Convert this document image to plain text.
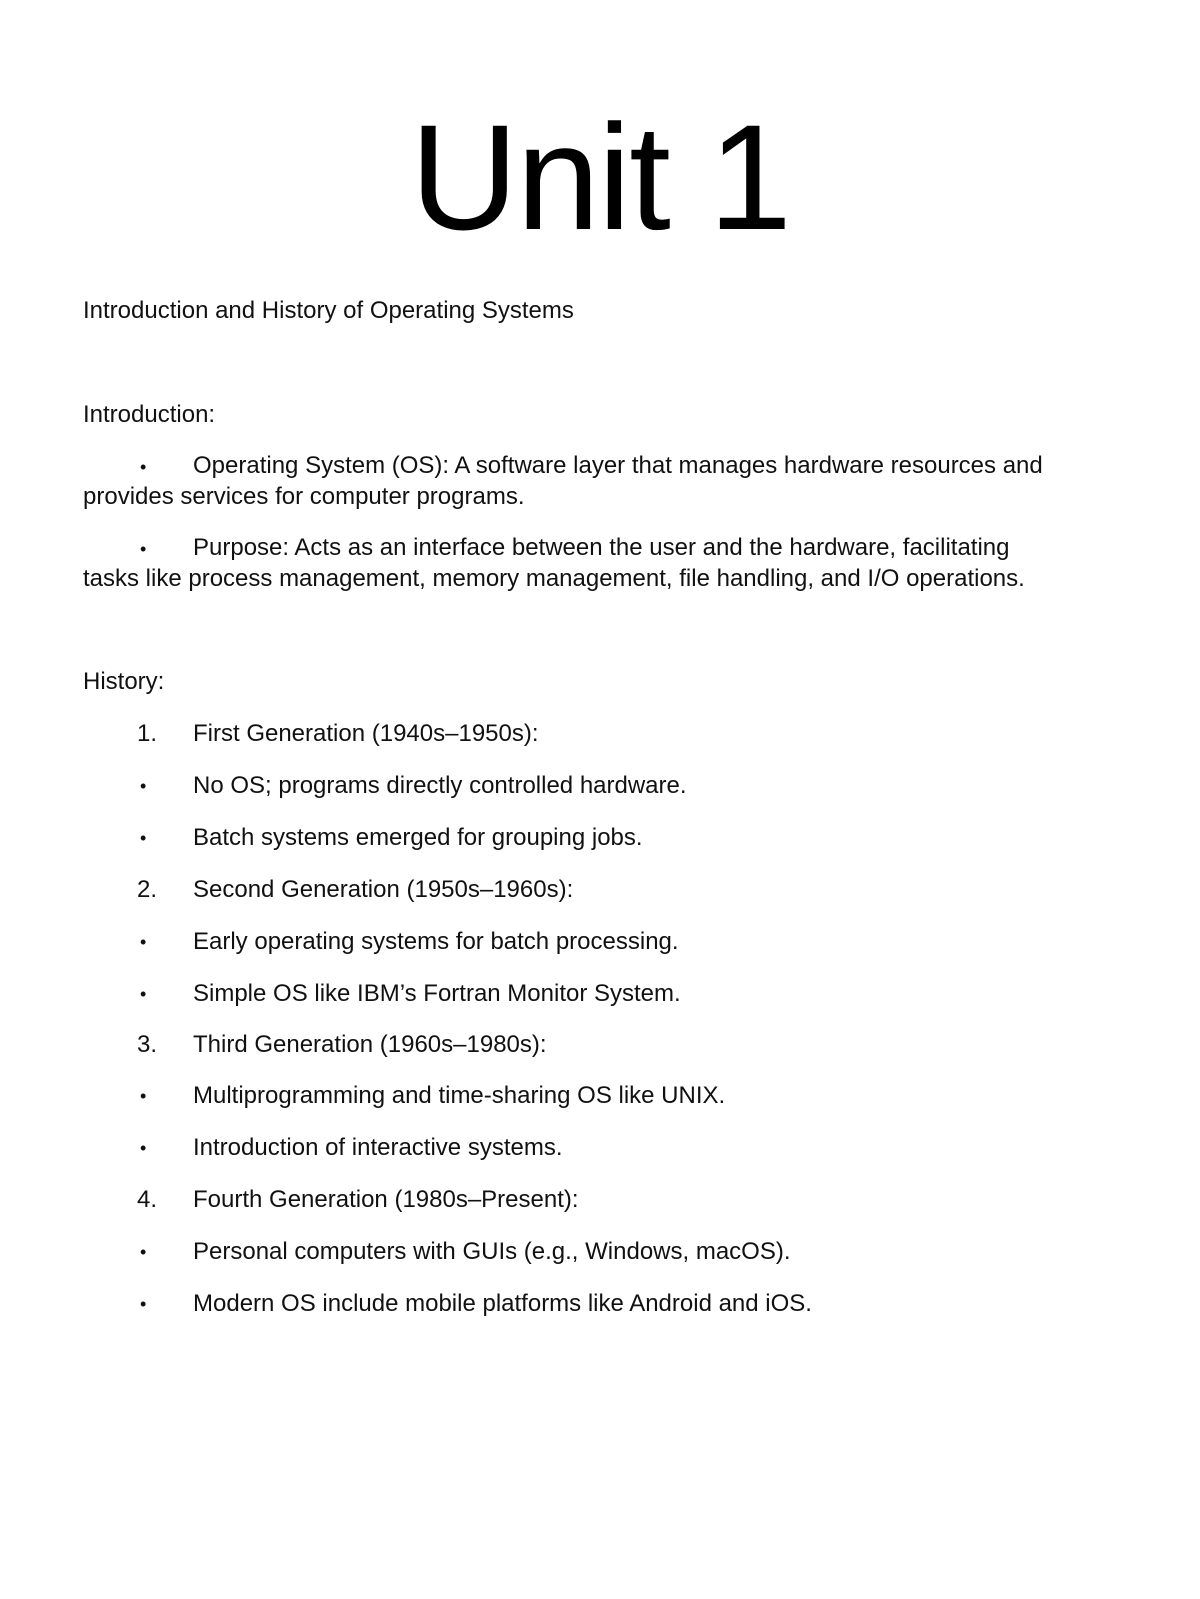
Unit 1
Introduction and History of Operating Systems
Introduction:
• Operating System (OS): A software layer that manages hardware resources and
provides services for computer programs.
• Purpose: Acts as an interface between the user and the hardware, facilitating
tasks like process management, memory management, file handling, and I/O operations.
History:
1.	First Generation (1940s–1950s):
•	No OS; programs directly controlled hardware.
•	Batch systems emerged for grouping jobs.
2.	Second Generation (1950s–1960s):
•	Early operating systems for batch processing.
•	Simple OS like IBM’s Fortran Monitor System.
3.	Third Generation (1960s–1980s):
•	Multiprogramming and time-sharing OS like UNIX.
•	Introduction of interactive systems.
4.	Fourth Generation (1980s–Present):
•	Personal computers with GUIs (e.g., Windows, macOS).
•	Modern OS include mobile platforms like Android and iOS.
